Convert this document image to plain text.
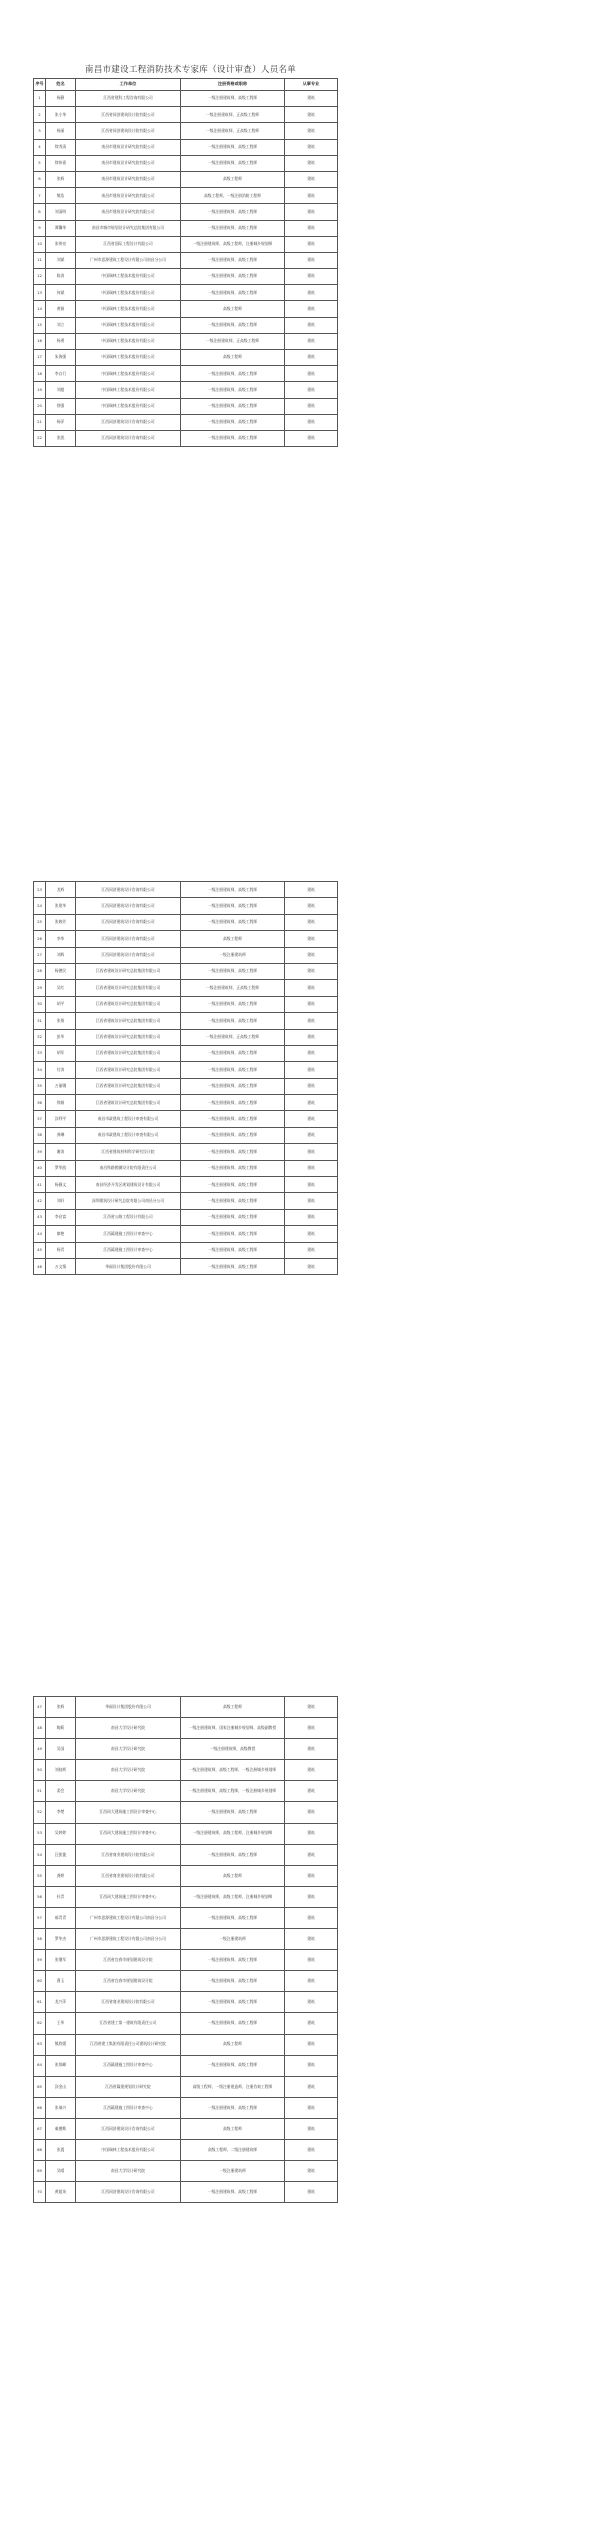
南昌市建设工程消防技术专家库（设计审查）人员名单
序号	姓名	工作单位	注册资格或职称	从事专业
1	杨静	江西省建科工程咨询有限公司	一级注册建筑师，高级工程师	建筑
2	张小华	江西省同济建筑设计院有限公司	一级注册建筑师，正高级工程师	建筑
3	杨丽	江西省同济建筑设计院有限公司	一级注册建筑师，正高级工程师	建筑
4	徐秀清	南昌市建筑设计研究院有限公司	一级注册建筑师，高级工程师	建筑
5	徐伟嘉	南昌市建筑设计研究院有限公司	一级注册建筑师，高级工程师	建筑
6	张辉	南昌市建筑设计研究院有限公司	高级工程师	建筑
7	熊浩	南昌市建筑设计研究院有限公司	高级工程师，一级注册消防工程师	建筑
8	刘清明	南昌市建筑设计研究院有限公司	一级注册建筑师，高级工程师	建筑
9	谭馨华	南昌市城市规划设计研究总院集团有限公司	一级注册建筑师，高级工程师	建筑
10	张明亮	江西省国际工程设计有限公司	一级注册建筑师，高级工程师，注册城乡规划师	建筑
11	刘斌	广州市思源建筑工程设计有限公司南昌分公司	一级注册建筑师，高级工程师	建筑
12	陈涛	中国瑞林工程技术股份有限公司	一级注册建筑师，高级工程师	建筑
13	何斌	中国瑞林工程技术股份有限公司	一级注册建筑师，高级工程师	建筑
14	黄娟	中国瑞林工程技术股份有限公司	高级工程师	建筑
15	刘立	中国瑞林工程技术股份有限公司	一级注册建筑师，高级工程师	建筑
16	杨勇	中国瑞林工程技术股份有限公司	一级注册建筑师，正高级工程师	建筑
17	朱海强	中国瑞林工程技术股份有限公司	高级工程师	建筑
18	李自行	中国瑞林工程技术股份有限公司	一级注册建筑师，高级工程师	建筑
19	刘超	中国瑞林工程技术股份有限公司	一级注册建筑师，高级工程师	建筑
20	徐强	中国瑞林工程技术股份有限公司	一级注册建筑师，高级工程师	建筑
21	杨萍	江西同济建筑设计咨询有限公司	一级注册建筑师，高级工程师	建筑
22	张凯	江西同济建筑设计咨询有限公司	一级注册建筑师，高级工程师	建筑
23	龙辉	江西同济建筑设计咨询有限公司	一级注册建筑师，高级工程师	建筑
24	张建华	江西同济建筑设计咨询有限公司	一级注册建筑师，高级工程师	建筑
25	张婉芳	江西同济建筑设计咨询有限公司	一级注册建筑师，高级工程师	建筑
26	李华	江西同济建筑设计咨询有限公司	高级工程师	建筑
27	刘辉	江西同济建筑设计咨询有限公司	一级注册建筑师	建筑
28	杨德民	江西省建筑设计研究总院集团有限公司	一级注册建筑师，高级工程师	建筑
29	吴红	江西省建筑设计研究总院集团有限公司	一级注册建筑师，正高级工程师	建筑
30	胡平	江西省建筑设计研究总院集团有限公司	一级注册建筑师，高级工程师	建筑
31	张翔	江西省建筑设计研究总院集团有限公司	一级注册建筑师，高级工程师	建筑
32	彭华	江西省建筑设计研究总院集团有限公司	一级注册建筑师，正高级工程师	建筑
33	胡军	江西省建筑设计研究总院集团有限公司	一级注册建筑师，高级工程师	建筑
34	付涛	江西省建筑设计研究总院集团有限公司	一级注册建筑师，高级工程师	建筑
35	万丽娜	江西省建筑设计研究总院集团有限公司	一级注册建筑师，高级工程师	建筑
36	徐娟	江西省建筑设计研究总院集团有限公司	一级注册建筑师，高级工程师	建筑
37	涂利平	南昌市政建筑工程设计审查有限公司	一级注册建筑师，高级工程师	建筑
38	龚琳	南昌市政建筑工程设计审查有限公司	一级注册建筑师，高级工程师	建筑
39	谢涛	江西省建筑材料科学研究设计院	一级注册建筑师，高级工程师	建筑
40	罗华凯	南昌铁路勘测设计院有限责任公司	一级注册建筑师，高级工程师	建筑
41	杨静文	南昌经济开发区规划建筑设计有限公司	一级注册建筑师，高级工程师	建筑
42	刘轩	深圳建筑设计研究总院有限公司南昌分公司	一级注册建筑师，高级工程师	建筑
43	李启富	江西省公路工程设计有限公司	一级注册建筑师，高级工程师	建筑
44	廖艳	江西赣建施工图设计审查中心	一级注册建筑师，高级工程师	建筑
45	杨青	江西赣建施工图设计审查中心	一级注册建筑师，高级工程师	建筑
46	万文情	华福设计集团股份有限公司	一级注册建筑师，高级工程师	建筑
47	张辉	华福设计集团股份有限公司	高级工程师	建筑
48	陶莉	南昌大学设计研究院	一级注册建筑师，国家注册城乡规划师，高级副教授	建筑
49	吴国	南昌大学设计研究院	一级注册建筑师，高级教授	建筑
50	刘桂辉	南昌大学设计研究院	一级注册建筑师，高级工程师，一级注册城乡规划师	建筑
51	姜会	南昌大学设计研究院	一级注册建筑师，高级工程师，一级注册城乡规划师	建筑
52	李楚	江西同大建筑施工图设计审查中心	一级注册建筑师，高级工程师	建筑
53	吴婷婷	江西同大建筑施工图设计审查中心	一级注册建筑师，高级工程师，注册城乡规划师	建筑
54	汪凯俊	江西省商业建筑设计院有限公司	一级注册建筑师，高级工程师	建筑
55	龚婷	江西省商业建筑设计院有限公司	高级工程师	建筑
56	杜青	江西同大建筑施工图设计审查中心	一级注册建筑师，高级工程师，注册城乡规划师	建筑
57	郝青青	广州市思源建筑工程设计有限公司南昌分公司	一级注册建筑师，高级工程师	建筑
58	罗华杰	广州市思源建筑工程设计有限公司南昌分公司	一级注册建筑师	建筑
59	张继军	江西省宜春市规划建筑设计院	一级注册建筑师，高级工程师	建筑
60	曹玉	江西省宜春市规划建筑设计院	一级注册建筑师，高级工程师	建筑
61	龙兴萍	江西省商业建筑设计院有限公司	一级注册建筑师，高级工程师	建筑
62	王华	江西省建工第一建筑有限责任公司	一级注册建筑师，高级工程师	建筑
63	熊欣媛	江西省建工集团有限责任公司建筑设计研究院	高级工程师	建筑
64	张翔峰	江西赣建施工图设计审查中心	一级注册建筑师，高级工程师	建筑
65	涂金山	江西省赣建规划设计研究院	高级工程师，一级注册建造师，注册咨询工程师	建筑
66	张瑞兴	江西赣建施工图设计审查中心	一级注册建筑师，高级工程师	建筑
67	秦德斯	江西同济建筑设计咨询有限公司	高级工程师	建筑
68	张震	中国瑞林工程技术股份有限公司	高级工程师，二级注册建筑师	建筑
69	吴晴	南昌大学设计研究院	一级注册建筑师	建筑
70	黄超英	江西同济建筑设计咨询有限公司	一级注册建筑师，高级工程师	建筑
